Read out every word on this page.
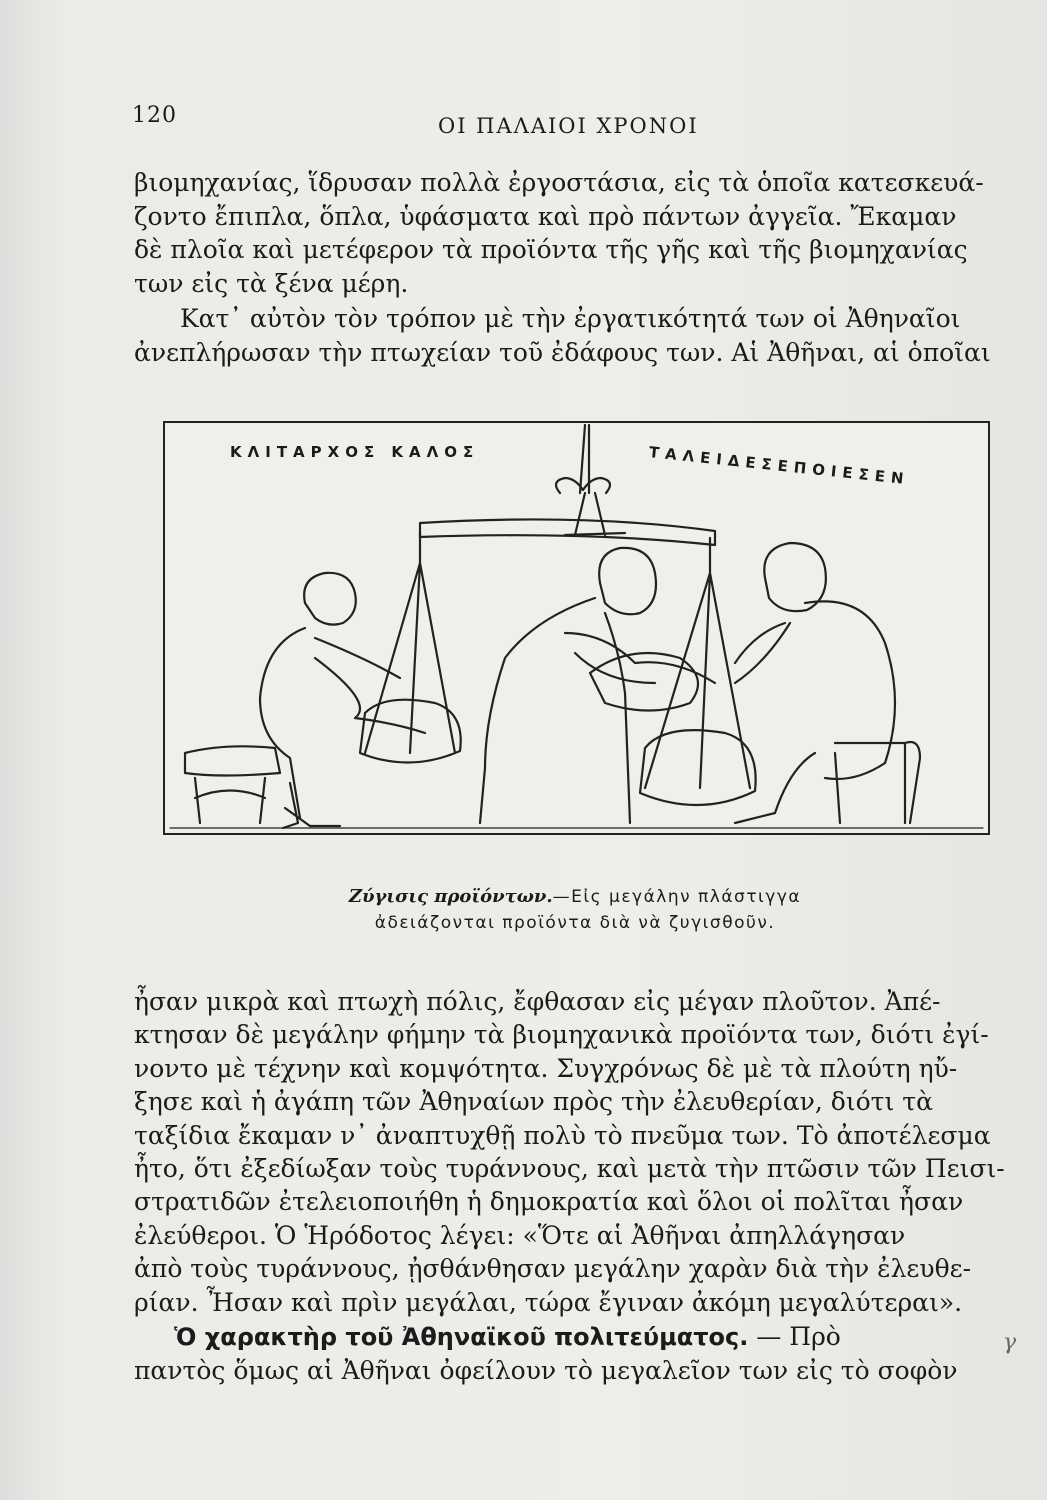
120	ΟΙ ΠΑΛΑΙΟΙ ΧΡΟΝΟΙ

βιομηχανίας, ἵδρυσαν πολλὰ ἐργοστάσια, εἰς τὰ ὁποῖα κατεσκευά-
ζοντο ἔπιπλα, ὅπλα, ὑφάσματα καὶ πρὸ πάντων ἀγγεῖα. Ἔκαμαν
δὲ πλοῖα καὶ μετέφερον τὰ προϊόντα τῆς γῆς καὶ τῆς βιομηχανίας
των εἰς τὰ ξένα μέρη.

Κατ᾽ αὐτὸν τὸν τρόπον μὲ τὴν ἐργατικότητά των οἱ Ἀθηναῖοι
ἀνεπλήρωσαν τὴν πτωχείαν τοῦ ἐδάφους των. Αἱ Ἀθῆναι, αἱ ὁποῖαι

ΚΛΙΤΑΡΧΟΣ ΚΑΛΟΣ	ΤΑΛΕΙΔΕΣΕΠΟΙΕΣΕΝ
Ζύγισις προϊόντων.—Εἰς μεγάλην πλάστιγγα ἀδειάζονται προϊόντα διὰ νὰ ζυγισθοῦν.

ἦσαν μικρὰ καὶ πτωχὴ πόλις, ἔφθασαν εἰς μέγαν πλοῦτον. Ἀπέ-
κτησαν δὲ μεγάλην φήμην τὰ βιομηχανικὰ προϊόντα των, διότι ἐγί-
νοντο μὲ τέχνην καὶ κομψότητα. Συγχρόνως δὲ μὲ τὰ πλούτη ηὔ-
ξησε καὶ ἡ ἀγάπη τῶν Ἀθηναίων πρὸς τὴν ἐλευθερίαν, διότι τὰ
ταξίδια ἔκαμαν ν᾽ ἀναπτυχθῇ πολὺ τὸ πνεῦμα των. Τὸ ἀποτέλεσμα
ἦτο, ὅτι ἐξεδίωξαν τοὺς τυράννους, καὶ μετὰ τὴν πτῶσιν τῶν Πεισι-
στρατιδῶν ἐτελειοποιήθη ἡ δημοκρατία καὶ ὅλοι οἱ πολῖται ἦσαν
ἐλεύθεροι. Ὁ Ἡρόδοτος λέγει: «Ὅτε αἱ Ἀθῆναι ἀπηλλάγησαν
ἀπὸ τοὺς τυράννους, ᾐσθάνθησαν μεγάλην χαρὰν διὰ τὴν ἐλευθε-
ρίαν. Ἦσαν καὶ πρὶν μεγάλαι, τώρα ἔγιναν ἀκόμη μεγαλύτεραι».

Ὁ χαρακτὴρ τοῦ Ἀθηναϊκοῦ πολιτεύματος. — Πρὸ
παντὸς ὅμως αἱ Ἀθῆναι ὀφείλουν τὸ μεγαλεῖον των εἰς τὸ σοφὸν

γ
